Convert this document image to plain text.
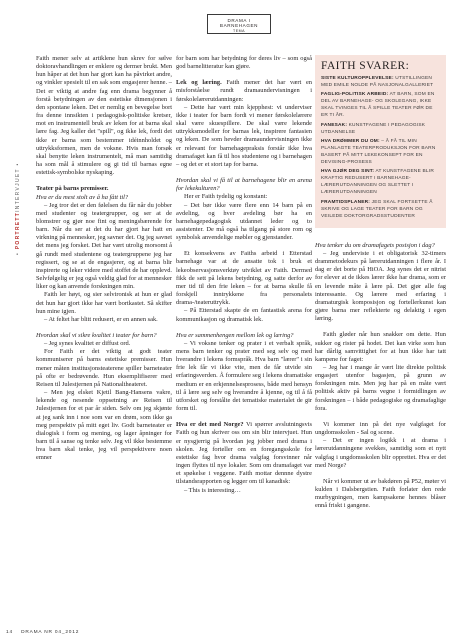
DRAMA I BARNEHAGEN
TEMA
• PORTRETTINTERVJUET •

Faith mener selv at artiklene hun skrev for sølve doktoravhandlingen er enklere og dermer brukt. Men hun håper at det hun har gjort kan ha påvirket andre, og vinkler spesielt til en sak som engasjerer henne. – Det er viktig at andre fag enn drama begynner å forstå betydningen av den estetiske dimensjonen i den spontane leken. Det er nemlig en bevegelse bort fra denne innsikten i pedagogisk-politiske kretser, mot en instrumentell bruk av leken for at barna skal lære fag. Jeg kaller det "spill", og ikke lek, fordi det ikke er barna som bestemmer idéinnholdet og uttrykksformen, men de voksne. Hvis man forsøk skal benytte leken instrumentelt, må man samtidig ha som mål å stimulere og gi tid til barnas egne estetisk-symbolske nyskaping.

Teater på barns premisser.

Hva er du mest stolt av å ha fått til?

– Jeg tror det er den følelsen du får når du jobber med studenter og teatergrupper, og ser at de blomstrer og gjør noe fint og meningsbærende for barn. Når du ser at det du har gjort har hatt en virkning på mennesker, jeg savner det. Og jeg savnet det mens jeg forsket. Det har vært utrolig morsomt å gå rundt med studentene og teatergruppene jeg har regissert, og se at de engasjerer, og at barna blir inspirerte og leker videre med stoffet de har opplevd. Selvfølgelig er jeg også veldig glad for at mennesker liker og kan anvende forskningen min.

Faith ler høyt, og sier selvironisk at hun er glad det hun har gjort ikke har vært bortkastet. Så skifter hun mine igjen.

– At feltet har blitt redusert, er en annen sak.

Hvordan skal vi sikre kvalitet i teater for barn?

– Jeg synes kvalitet er diffust ord.

For Faith er det viktig at godt teater kommuniserer på barns estetiske premisser. Hun mener måten institusjonsteaterene spiller barneteater på ofte er bedrøvende. Hun eksemplifiserer med Reisen til Julestjernen på Nationaltheateret.

– Men jeg elsket Kjetil Bang-Hansens vakre, lekende og nesende oppsetning av Reisen til Julestjernen for et par år siden. Selv om jeg skjønte at jeg sank inn i noe som var en drøm, som ikke ga meg perspektiv på mitt eget liv. Godt barneteater er dialogisk i form og mening, og lager åpninger for barn til å sanse og tenke selv. Jeg vil ikke bestemme hva barn skal tenke, jeg vil perspektivere noen emner

for barn som har betydning for deres liv – som også god barnelitteratur kan gjøre.

Lek og læring. Faith mener det har vært en misforståelse rundt dramaundervisningen i førskolelærerutdanningen:

– Dette har vært min kjepphest: vi underviser ikke i teater for barn fordi vi mener førskolelærere skal være skuespillere. De skal være lekende uttrykksmodeller for barnas lek, inspirere fantasien og leken. De som hevder dramaundervisningen ikke er relevant for barnehagepraksis forstår ikke hva dramafaget kan få til hos studentene og i barnehagen – og det er et stort tap for barna.

Hvordan skal vi få til at barnehagene blir en arena for lekekulturen?

Her er Faith tydelig og konstant:

– Det bør ikke være flere enn 14 barn på en avdeling, og hver avdeling bør ha en barnehagepedagogisk utdannet leder og to assistenter. De må også ha tilgang på store rom og symbolsk anvendelige møbler og gjenstander.

Et konsekvens av Faiths arbeid i Etterstad barnehage var at de ansatte tok i bruk et lekeobservasjonsverktøy utviklet av Faith. Dermed fikk de sett på lekens betydning, og satte derfor av mer tid til den frie leken – for at barna skulle få forskjell inntrykkene fra personalets drama-/teateruttrykk.

– På Etterstad skapte de en fantastisk arena for kommunikasjon og dramatisk lek.

Hva er sammenhengen mellom lek og læring?

– Vi voksne tenker og prater i et verbalt språk, mens barn tenker og prater med seg selv og med hverandre i lekens formspråk. Hva barn "lærer" i sin frie lek får vi ikke vite, men de får utvide sin erfaringsverden. Å formulere seg i lekens dramatiske medium er en erkjennelsesprosess, både med hensyn til å lære seg selv og hverandre å kjenne, og til å få utforsket og forstålte det tematiske materialet de gir form til.

Hva er det med Norge? Vi spørrer avslutningsvis Faith og hun skriver oss om sin blir intervjuet. Hun er nysgjerrig på hvordan jeg jobber med drama i skolen. Jeg forteller om en foregangsskole for estetiske fag hvor drama valgfag forsvinner når ingen flyttes til nye lokaler. Som om dramafaget var et spøkelse i veggene. Faith mottar dennne dystre tilstandsrapporten og legger om til kanadisk:

– This is interesting…

FAITH SVARER:
SISTE KULTUROPPLEVELSE: UTSTILLINGEN MED EMILE NOLDE PÅ NASJONALGALLERIET
FAGLIG-POLITISK ARBEID: AT BARN, SOM EN DEL AV BARNEHAGE- OG SKOLEGANG, IKKE SKAL TVINGES TIL Å SPILLE TEATER FØR DE ER TI ÅR.
FANESAK: KUNSTFAGENE I PEDAGOGISK UTDANNELSE
HVA DRØMMER DU OM: – Å FÅ TIL MIN PLANLAGTE TEATERPRODUKSJON FOR BARN BASERT PÅ MITT LEKEKONSEPT FOR EN DEVISING-PROSESS
HVA GJØR DEG SINT: AT KUNSTFAGENE BLIR KRAFTIG REDUSERT I BARNEHAGE-LÆRERUTDANNINGEN OG SLETTET I LÆRERUTDANNINGEN
FRAMTIDSPLANER: JEG SKAL FORTSETTE Å SKRIVE OG LAGE TEATER FOR BARN OG VEILEDE DOKTORGRADSSTUDENTER

Hva tenker du om dramafagets posisjon i dag?

– Jeg underviste i et obligatorisk 32-timers drammetodekurs på lærerutdanningen i flere år. I dag er det borte på HiOA. Jeg synes det er nitrist for elever at de ikkes lærer ikke har drama, som er en levende måte å lære på. Det gjør alle fag interessante. Og lærere med erfaring i dramaturgisk komposisjon og fortellerkunst kan gjøre barna mer reflekterte og delaktig i egen læring.

Faith gløder når hun snakker om dette. Hun sukker og rister på hodet. Det kan virke som hun har dårlig samvittighet for at hun ikke har tatt kampene for faget:

– Jeg har i mange år vært lite direkte politisk engasjert utenfor bagasjen, på grunn av forskningen min. Men jeg har på en måte vært politisk aktiv på barns vegne i formidlingen av forskningen – i både pedagogiske og dramafaglige fora.

Vi kommer inn på det nye valgfaget for ungdomsskolen - Sal og scene.

– Det er ingen logikk i at drama i lærerutdanningene svekkes, samtidig som et nytt valgfag i ungdomsskolen blir opprettet. Hva er det med Norge?

Når vi kommer ut av bakdøren på P52, møter vi kulden i Dalsbergstien. Faith forlater den rede murbygningen, men kampsakene hennes blåser ennå friskt i gangene.

14 DRAMA NR 04_2012
